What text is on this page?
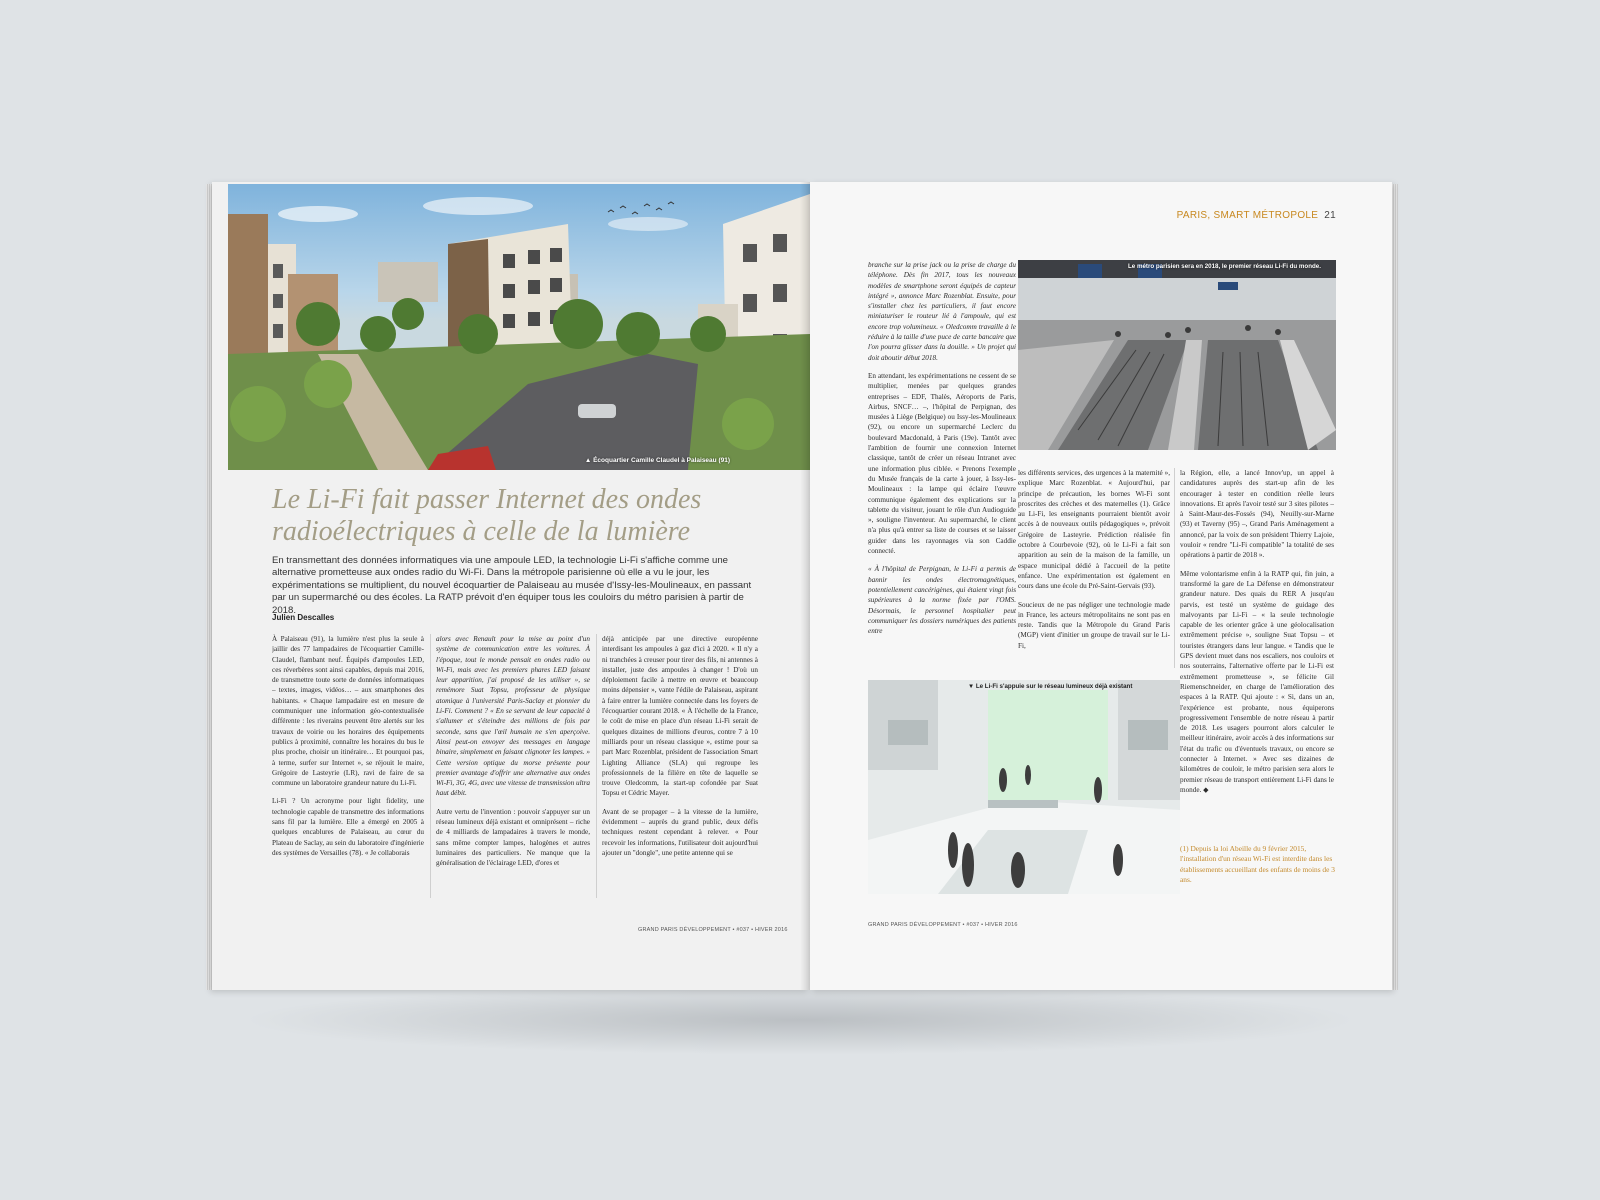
▲ Écoquartier Camille Claudel à Palaiseau (91)
Le Li-Fi fait passer Internet des ondes radioélectriques à celle de la lumière
En transmettant des données informatiques via une ampoule LED, la technologie Li-Fi s'affiche comme une alternative prometteuse aux ondes radio du Wi-Fi. Dans la métropole parisienne où elle a vu le jour, les expérimentations se multiplient, du nouvel écoquartier de Palaiseau au musée d'Issy-les-Moulineaux, en passant par un supermarché ou des écoles. La RATP prévoit d'en équiper tous les couloirs du métro parisien à partir de 2018.
Julien Descalles

À Palaiseau (91), la lumière n'est plus la seule à jaillir des 77 lampadaires de l'écoquartier Camille-Claudel, flambant neuf. Équipés d'ampoules LED, ces réverbères sont ainsi capables, depuis mai 2016, de transmettre toute sorte de données informatiques – textes, images, vidéos… – aux smartphones des habitants. « Chaque lampadaire est en mesure de communiquer une information géo-contextualisée différente : les riverains peuvent être alertés sur les travaux de voirie ou les horaires des équipements publics à proximité, connaître les horaires du bus le plus proche, choisir un itinéraire… Et pourquoi pas, à terme, surfer sur Internet », se réjouit le maire, Grégoire de Lasteyrie (LR), ravi de faire de sa commune un laboratoire grandeur nature du Li-Fi.

Li-Fi ? Un acronyme pour light fidelity, une technologie capable de transmettre des informations sans fil par la lumière. Elle a émergé en 2005 à quelques encablures de Palaiseau, au cœur du Plateau de Saclay, au sein du laboratoire d'ingénierie des systèmes de Versailles (78). « Je collaborais

alors avec Renault pour la mise au point d'un système de communication entre les voitures. À l'époque, tout le monde pensait en ondes radio ou Wi-Fi, mais avec les premiers phares LED faisant leur apparition, j'ai proposé de les utiliser », se remémore Suat Topsu, professeur de physique atomique à l'université Paris-Saclay et pionnier du Li-Fi. Comment ? « En se servant de leur capacité à s'allumer et s'éteindre des millions de fois par seconde, sans que l'œil humain ne s'en aperçoive. Ainsi peut-on envoyer des messages en langage binaire, simplement en faisant clignoter les lampes. » Cette version optique du morse présente pour premier avantage d'offrir une alternative aux ondes Wi-Fi, 3G, 4G, avec une vitesse de transmission ultra haut débit.

Autre vertu de l'invention : pouvoir s'appuyer sur un réseau lumineux déjà existant et omniprésent – riche de 4 milliards de lampadaires à travers le monde, sans même compter lampes, halogènes et autres luminaires des particuliers. Ne manque que la généralisation de l'éclairage LED, d'ores et

déjà anticipée par une directive européenne interdisant les ampoules à gaz d'ici à 2020. « Il n'y a ni tranchées à creuser pour tirer des fils, ni antennes à installer, juste des ampoules à changer ! D'où un déploiement facile à mettre en œuvre et beaucoup moins dépensier », vante l'édile de Palaiseau, aspirant à faire entrer la lumière connectée dans les foyers de l'écoquartier courant 2018. « À l'échelle de la France, le coût de mise en place d'un réseau Li-Fi serait de quelques dizaines de millions d'euros, contre 7 à 10 milliards pour un réseau classique », estime pour sa part Marc Rozenblat, président de l'association Smart Lighting Alliance (SLA) qui regroupe les professionnels de la filière en tête de laquelle se trouve Oledcomm, la start-up cofondée par Suat Topsu et Cédric Mayer.

Avant de se propager – à la vitesse de la lumière, évidemment – auprès du grand public, deux défis techniques restent cependant à relever. « Pour recevoir les informations, l'utilisateur doit aujourd'hui ajouter un "dongle", une petite antenne qui se

GRAND PARIS DÉVELOPPEMENT • #037 • HIVER 2016
PARIS, SMART MÉTROPOLE 21

branche sur la prise jack ou la prise de charge du téléphone. Dès fin 2017, tous les nouveaux modèles de smartphone seront équipés de capteur intégré », annonce Marc Rozenblat. Ensuite, pour s'installer chez les particuliers, il faut encore miniaturiser le routeur lié à l'ampoule, qui est encore trop volumineux. « Oledcomm travaille à le réduire à la taille d'une puce de carte bancaire que l'on pourra glisser dans la douille. » Un projet qui doit aboutir début 2018.

En attendant, les expérimentations ne cessent de se multiplier, menées par quelques grandes entreprises – EDF, Thalès, Aéroports de Paris, Airbus, SNCF… –, l'hôpital de Perpignan, des musées à Liège (Belgique) ou Issy-les-Moulineaux (92), ou encore un supermarché Leclerc du boulevard Macdonald, à Paris (19e). Tantôt avec l'ambition de fournir une connexion Internet classique, tantôt de créer un réseau Intranet avec une information plus ciblée. « Prenons l'exemple du Musée français de la carte à jouer, à Issy-les-Moulineaux : la lampe qui éclaire l'œuvre communique également des explications sur la tablette du visiteur, jouant le rôle d'un Audioguide », souligne l'inventeur. Au supermarché, le client n'a plus qu'à entrer sa liste de courses et se laisser guider dans les rayonnages via son Caddie connecté.

« À l'hôpital de Perpignan, le Li-Fi a permis de bannir les ondes électromagnétiques, potentiellement cancérigènes, qui étaient vingt fois supérieures à la norme fixée par l'OMS. Désormais, le personnel hospitalier peut communiquer les dossiers numériques des patients entre

Le métro parisien sera en 2018, le premier réseau Li-Fi du monde.

les différents services, des urgences à la maternité », explique Marc Rozenblat. « Aujourd'hui, par principe de précaution, les bornes Wi-Fi sont proscrites des crèches et des maternelles (1). Grâce au Li-Fi, les enseignants pourraient bientôt avoir accès à de nouveaux outils pédagogiques », prévoit Grégoire de Lasteyrie. Prédiction réalisée fin octobre à Courbevoie (92), où le Li-Fi a fait son apparition au sein de la maison de la famille, un espace municipal dédié à l'accueil de la petite enfance. Une expérimentation est également en cours dans une école du Pré-Saint-Gervais (93).

Soucieux de ne pas négliger une technologie made in France, les acteurs métropolitains ne sont pas en reste. Tandis que la Métropole du Grand Paris (MGP) vient d'initier un groupe de travail sur le Li-Fi,

la Région, elle, a lancé Innov'up, un appel à candidatures auprès des start-up afin de les encourager à tester en condition réelle leurs innovations. Et après l'avoir testé sur 3 sites pilotes – à Saint-Maur-des-Fossés (94), Neuilly-sur-Marne (93) et Taverny (95) –, Grand Paris Aménagement a annoncé, par la voix de son président Thierry Lajoie, vouloir « rendre "Li-Fi compatible" la totalité de ses opérations à partir de 2018 ».

Même volontarisme enfin à la RATP qui, fin juin, a transformé la gare de La Défense en démonstrateur grandeur nature. Des quais du RER A jusqu'au parvis, est testé un système de guidage des malvoyants par Li-Fi – « la seule technologie capable de les orienter grâce à une géolocalisation extrêmement précise », souligne Suat Topsu – et touristes étrangers dans leur langue. « Tandis que le GPS devient muet dans nos escaliers, nos couloirs et nos souterrains, l'alternative offerte par le Li-Fi est extrêmement prometteuse », se félicite Gil Riemenschneider, en charge de l'amélioration des espaces à la RATP. Qui ajoute : « Si, dans un an, l'expérience est probante, nous équiperons progressivement l'ensemble de notre réseau à partir de 2018. Les usagers pourront alors calculer le meilleur itinéraire, avoir accès à des informations sur l'état du trafic ou d'éventuels travaux, ou encore se connecter à Internet. » Avec ses dizaines de kilomètres de couloir, le métro parisien sera alors le premier réseau de transport entièrement Li-Fi dans le monde. ◆

(1) Depuis la loi Abeille du 9 février 2015, l'installation d'un réseau Wi-Fi est interdite dans les établissements accueillant des enfants de moins de 3 ans.
▼ Le Li-Fi s'appuie sur le réseau lumineux déjà existant
GRAND PARIS DÉVELOPPEMENT • #037 • HIVER 2016
